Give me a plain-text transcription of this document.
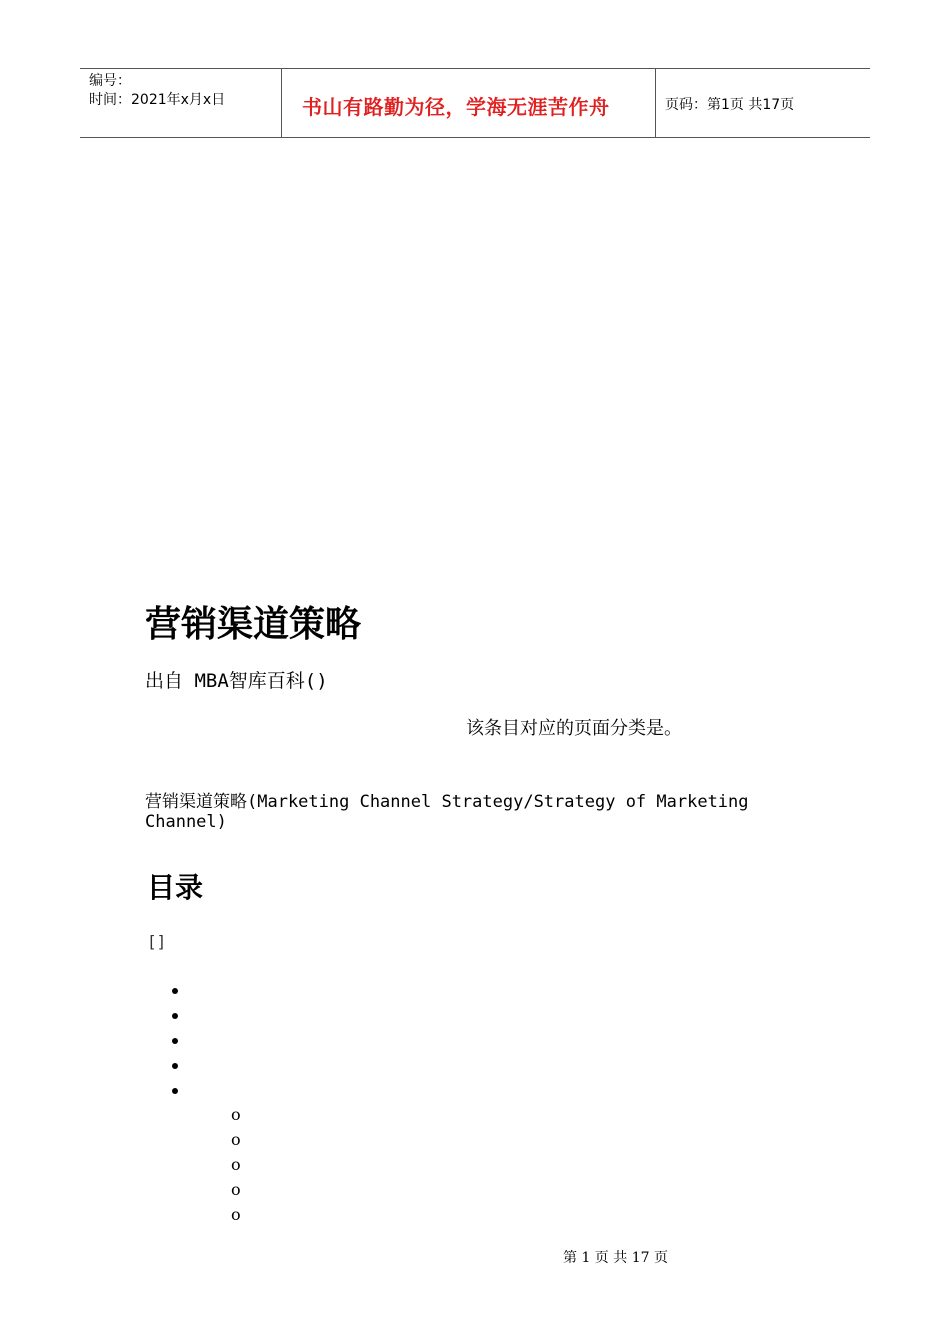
编号：
时间：2021年x月x日	书山有路勤为径，学海无涯苦作舟	页码：第1页 共17页
营销渠道策略
出自 MBA智库百科()
该条目对应的页面分类是。
营销渠道策略(Marketing Channel Strategy/Strategy of Marketing
Channel)
目录
[]
o
o
o
o
o
第 1 页 共 17 页
